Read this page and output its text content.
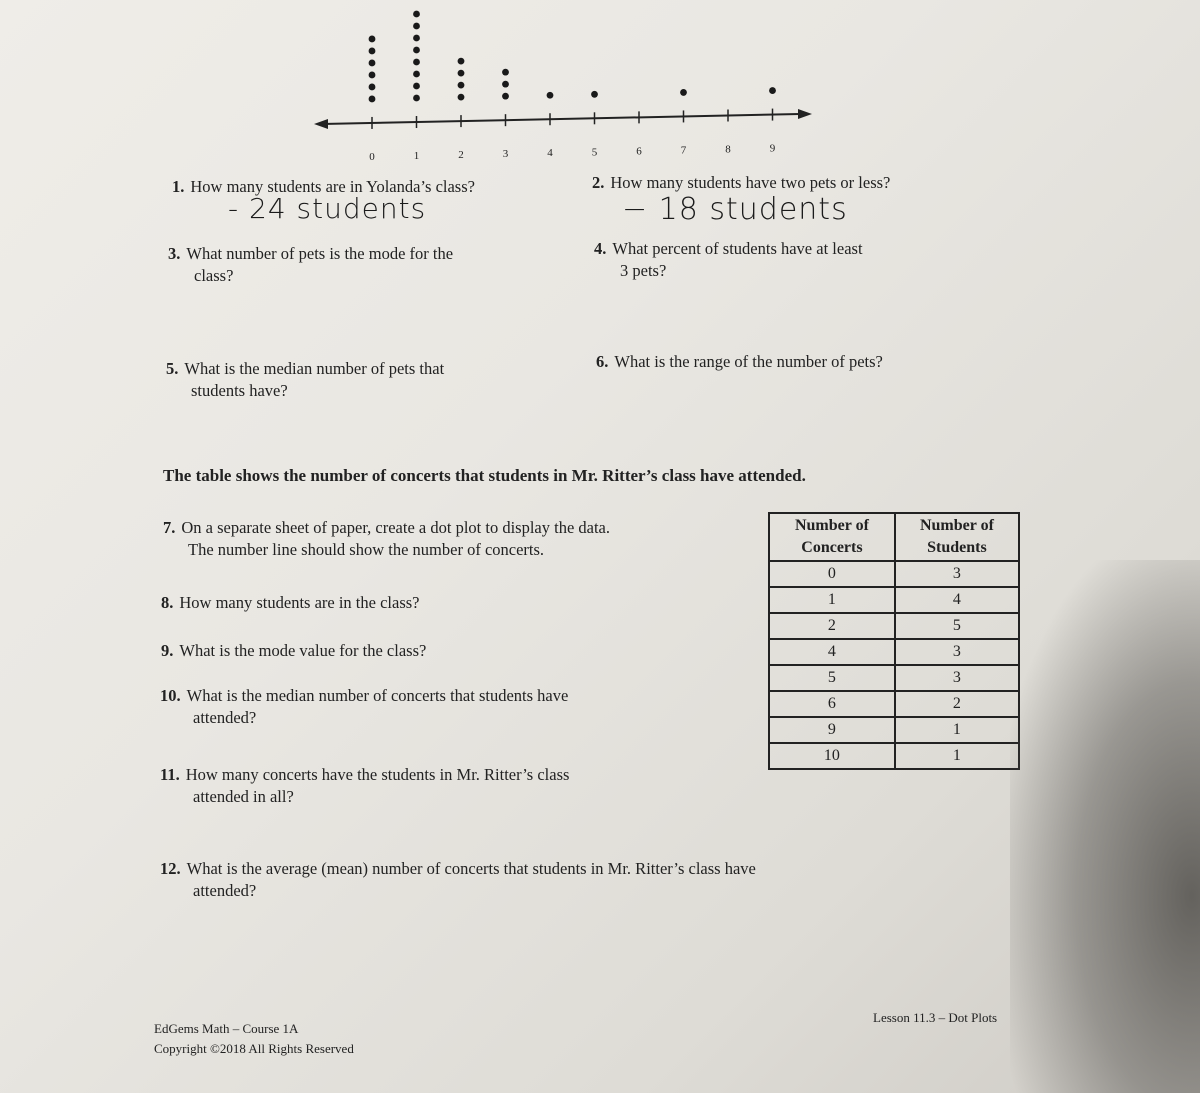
0	1	2	3	4	5	6	7	8	9
1. How many students are in Yolanda’s class?
- 24 students
2. How many students have two pets or less?
− 18 students
3. What number of pets is the mode for the
class?
4. What percent of students have at least
3 pets?
5. What is the median number of pets that
students have?
6. What is the range of the number of pets?
The table shows the number of concerts that students in Mr. Ritter’s class have attended.
7. On a separate sheet of paper, create a dot plot to display the data.
The number line should show the number of concerts.
8. How many students are in the class?
9. What is the mode value for the class?
10. What is the median number of concerts that students have
attended?
11. How many concerts have the students in Mr. Ritter’s class
attended in all?
Number of Concerts	Number of Students
0	3
1	4
2	5
4	3
5	3
6	2
9	1
10	1
12. What is the average (mean) number of concerts that students in Mr. Ritter’s class have
attended?
EdGems Math – Course 1A
Copyright ©2018 All Rights Reserved
Lesson 11.3 – Dot Plots
